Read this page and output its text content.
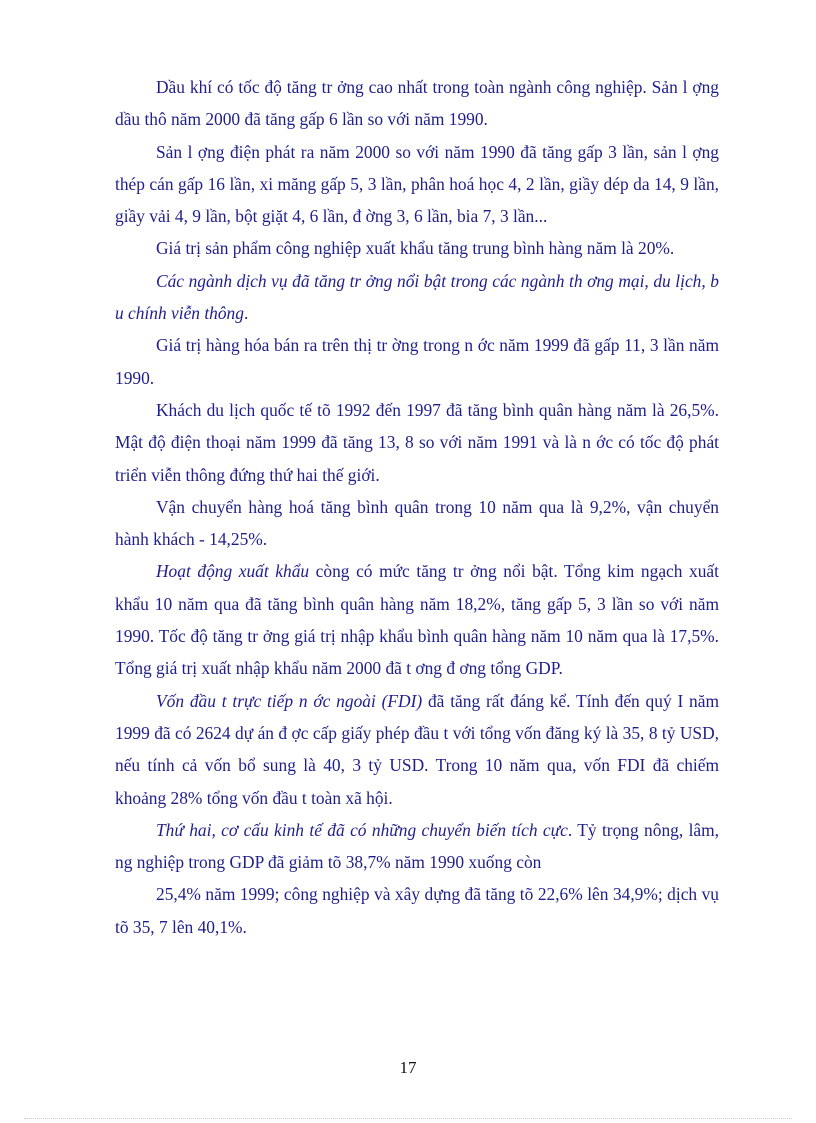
Dầu khí có tốc độ tăng tr ởng cao nhất trong toàn ngành công nghiệp. Sản l ợng dầu thô năm 2000 đã tăng gấp 6 lần so với năm 1990.

Sản l ợng điện phát ra năm 2000 so với năm 1990 đã tăng gấp 3 lần, sản l ợng thép cán gấp 16 lần, xi măng gấp 5, 3 lần, phân hoá học 4, 2 lần, giầy dép da 14, 9 lần, giầy vải 4, 9 lần, bột giặt 4, 6 lần, đ ờng 3, 6 lần, bia 7, 3 lần...

Giá trị sản phẩm công nghiệp xuất khẩu tăng trung bình hàng năm là 20%.

Các ngành dịch vụ đã tăng tr ởng nổi bật trong các ngành th ơng mại, du lịch, b u chính viễn thông.

Giá trị hàng hóa bán ra trên thị tr ờng trong n ớc năm 1999 đã gấp 11, 3 lần năm 1990.

Khách du lịch quốc tế tõ 1992 đến 1997 đã tăng bình quân hàng năm là 26,5%. Mật độ điện thoại năm 1999 đã tăng 13, 8 so với năm 1991 và là n ớc có tốc độ phát triển viễn thông đứng thứ hai thế giới.

Vận chuyển hàng hoá tăng bình quân trong 10 năm qua là 9,2%, vận chuyển hành khách - 14,25%.

Hoạt động xuất khẩu còng có mức tăng tr ởng nổi bật. Tổng kim ngạch xuất khẩu 10 năm qua đã tăng bình quân hàng năm 18,2%, tăng gấp 5, 3 lần so với năm 1990. Tốc độ tăng tr ởng giá trị nhập khẩu bình quân hàng năm 10 năm qua là 17,5%. Tổng giá trị xuất nhập khẩu năm 2000 đã t ơng đ ơng tổng GDP.

Vốn đầu t trực tiếp n ớc ngoài (FDI) đã tăng rất đáng kể. Tính đến quý I năm 1999 đã có 2624 dự án đ ợc cấp giấy phép đầu t với tổng vốn đăng ký là 35, 8 tỷ USD, nếu tính cả vốn bổ sung là 40, 3 tỷ USD. Trong 10 năm qua, vốn FDI đã chiếm khoảng 28% tổng vốn đầu t toàn xã hội.

Thứ hai, cơ cấu kinh tế đã có những chuyển biến tích cực. Tỷ trọng nông, lâm, ng nghiệp trong GDP đã giảm tõ 38,7% năm 1990 xuống còn

25,4% năm 1999; công nghiệp và xây dựng đã tăng tõ 22,6% lên 34,9%; dịch vụ tõ 35, 7 lên 40,1%.

17
